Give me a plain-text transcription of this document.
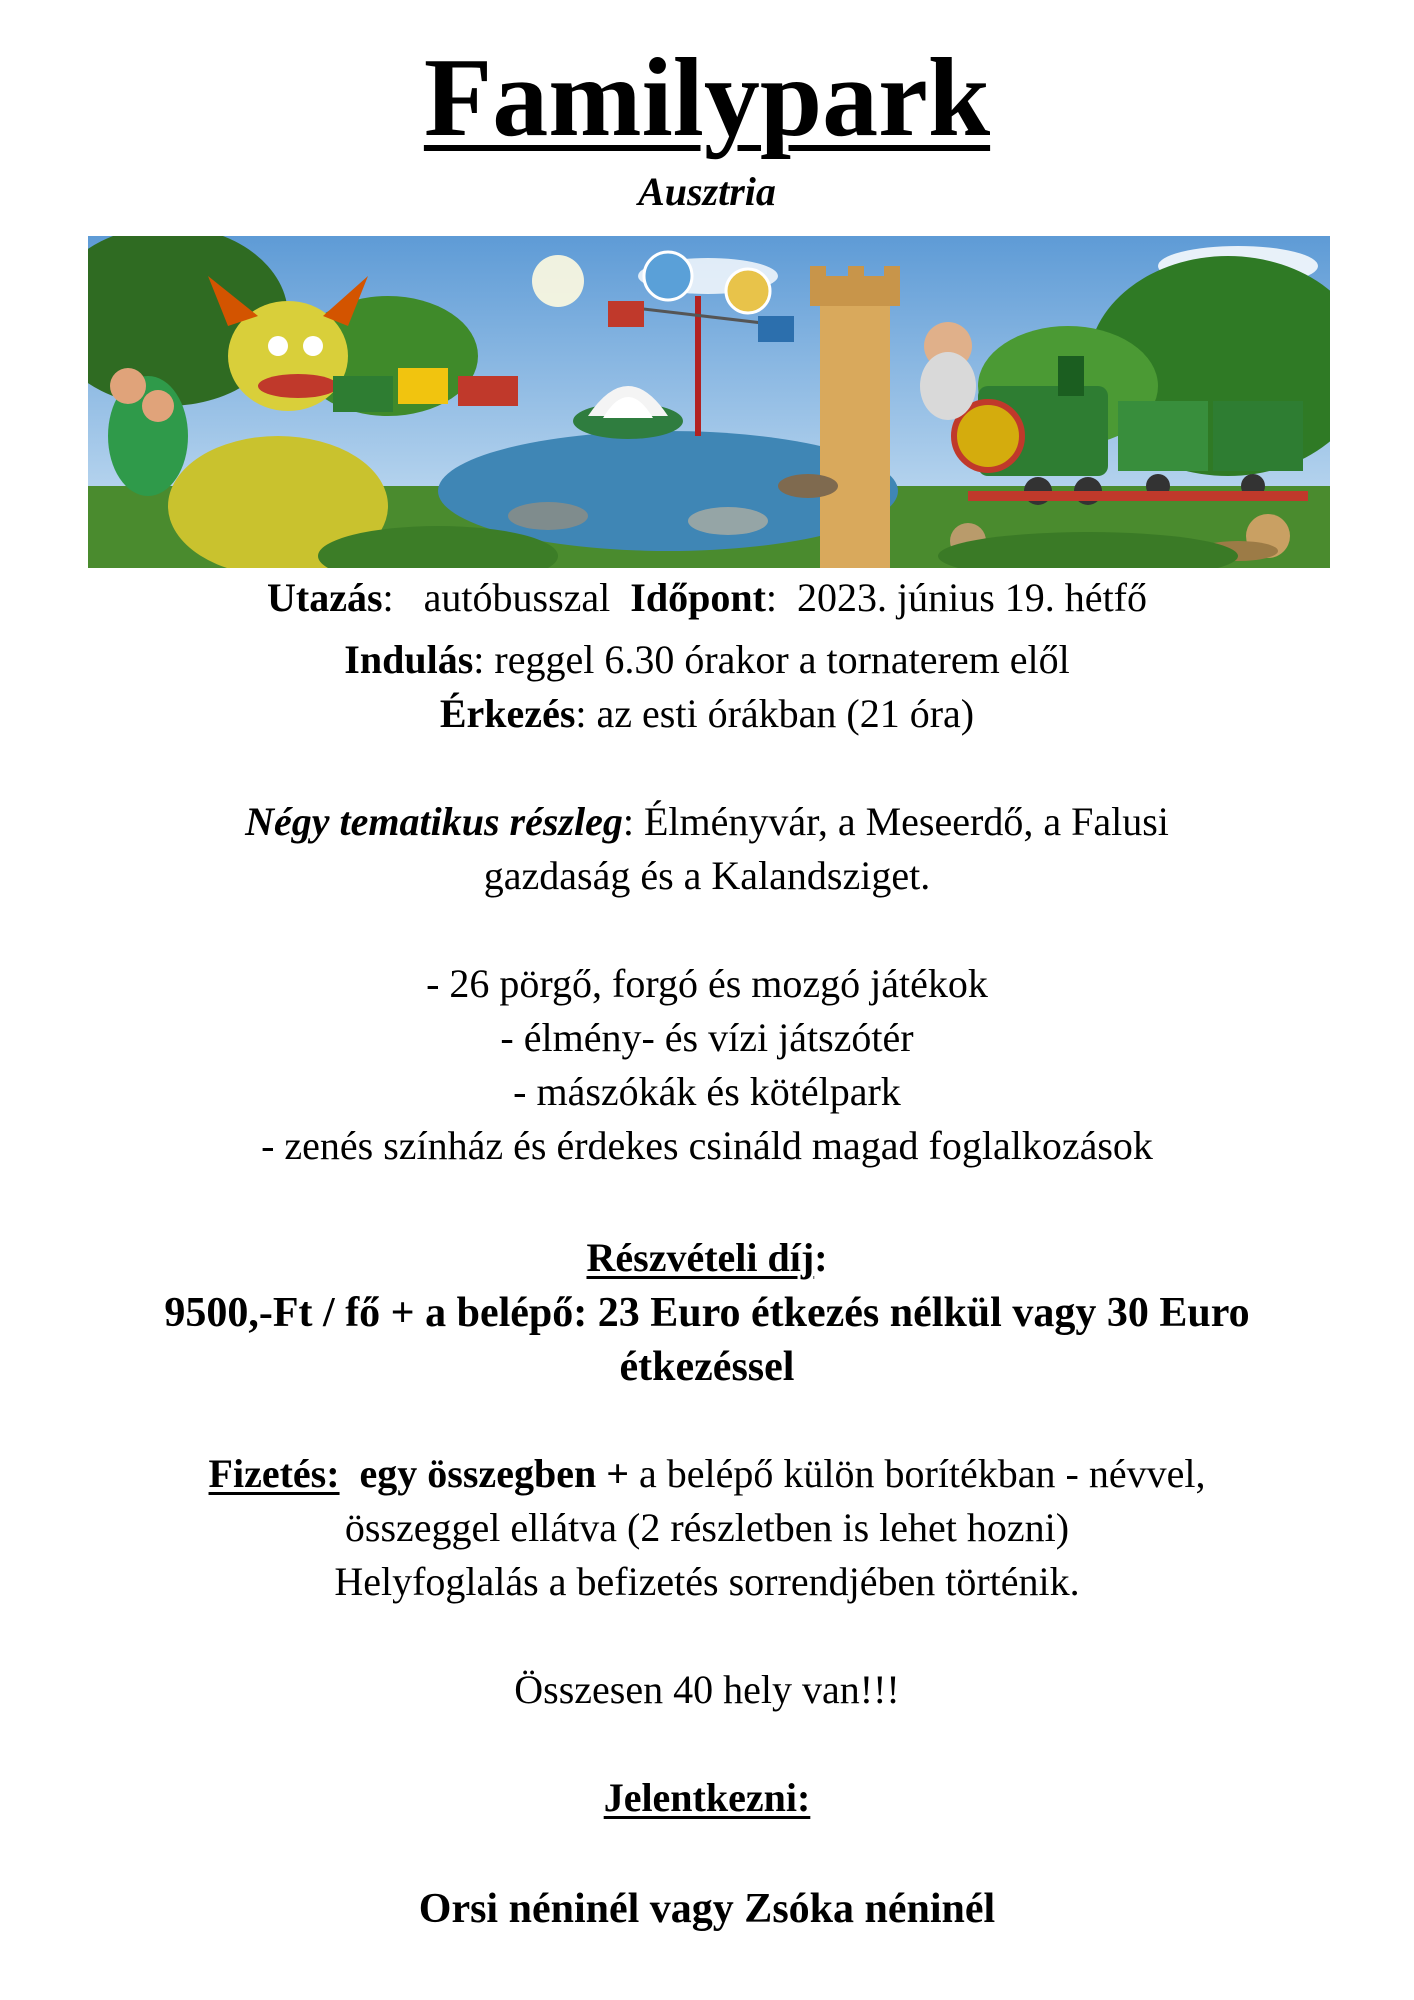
Familypark
Ausztria
Utazás:   autóbusszal Időpont:  2023. június 19. hétfő
Indulás: reggel 6.30 órakor a tornaterem elől
Érkezés: az esti órákban (21 óra)
Négy tematikus részleg: Élményvár, a Meseerdő, a Falusi
gazdaság és a Kalandsziget.
- 26 pörgő, forgó és mozgó játékok
- élmény- és vízi játszótér
- mászókák és kötélpark
- zenés színház és érdekes csináld magad foglalkozások
Részvételi díj:
9500,-Ft / fő + a belépő: 23 Euro étkezés nélkül vagy 30 Euro
étkezéssel
Fizetés: egy összegben + a belépő külön borítékban - névvel,
összeggel ellátva (2 részletben is lehet hozni)
Helyfoglalás a befizetés sorrendjében történik.
Összesen 40 hely van!!!
Jelentkezni:
Orsi néninél vagy Zsóka néninél
